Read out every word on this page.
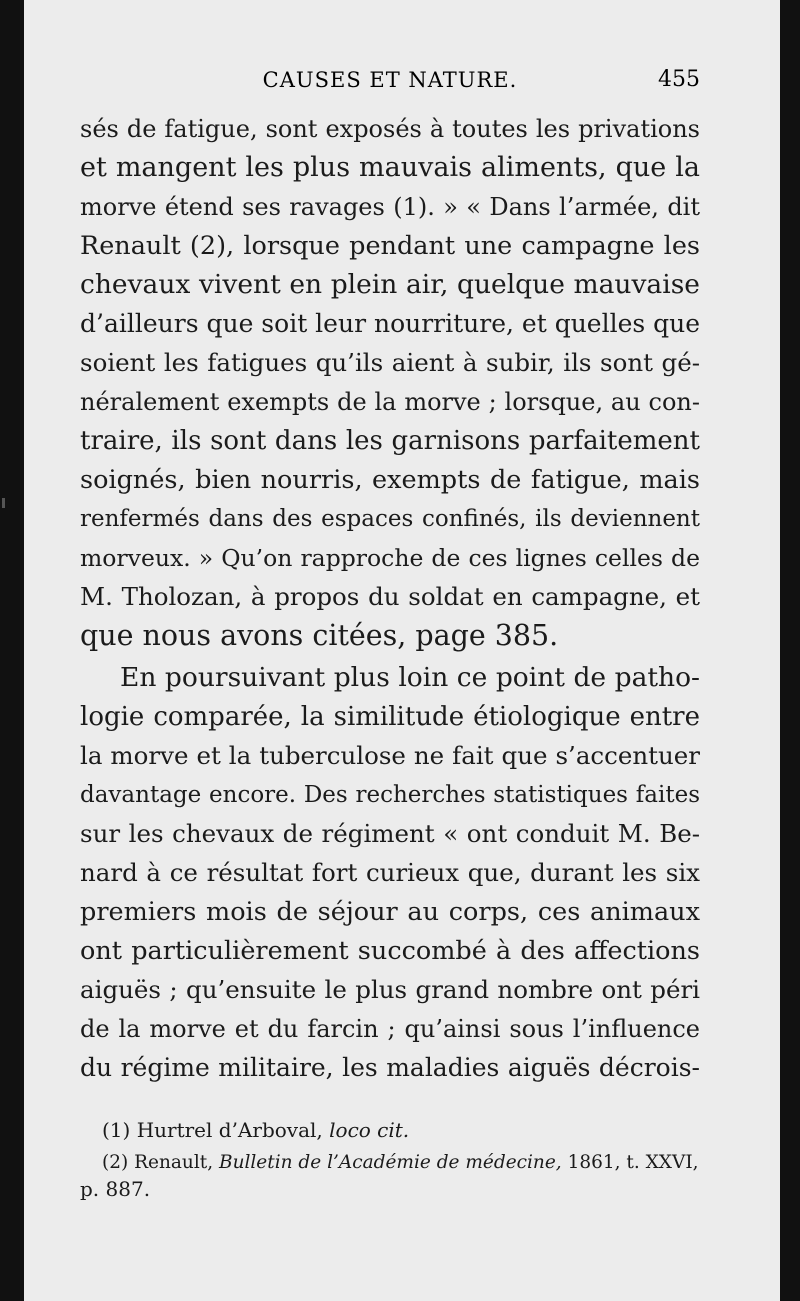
CAUSES ET NATURE.	455
sés de fatigue, sont exposés à toutes les privations
et mangent les plus mauvais aliments, que la
morve étend ses ravages (1). » « Dans l’armée, dit
Renault (2), lorsque pendant une campagne les
chevaux vivent en plein air, quelque mauvaise
d’ailleurs que soit leur nourriture, et quelles que
soient les fatigues qu’ils aient à subir, ils sont gé-
néralement exempts de la morve ; lorsque, au con-
traire, ils sont dans les garnisons parfaitement
soignés, bien nourris, exempts de fatigue, mais
renfermés dans des espaces confinés, ils deviennent
morveux. » Qu’on rapproche de ces lignes celles de
M. Tholozan, à propos du soldat en campagne, et
que nous avons citées, page 385.
En poursuivant plus loin ce point de patho-
logie comparée, la similitude étiologique entre
la morve et la tuberculose ne fait que s’accentuer
davantage encore. Des recherches statistiques faites
sur les chevaux de régiment « ont conduit M. Be-
nard à ce résultat fort curieux que, durant les six
premiers mois de séjour au corps, ces animaux
ont particulièrement succombé à des affections
aiguës ; qu’ensuite le plus grand nombre ont péri
de la morve et du farcin ; qu’ainsi sous l’influence
du régime militaire, les maladies aiguës décrois-
(1) Hurtrel d’Arboval, loco cit.
(2) Renault, Bulletin de l’Académie de médecine, 1861, t. XXVI,
p. 887.
